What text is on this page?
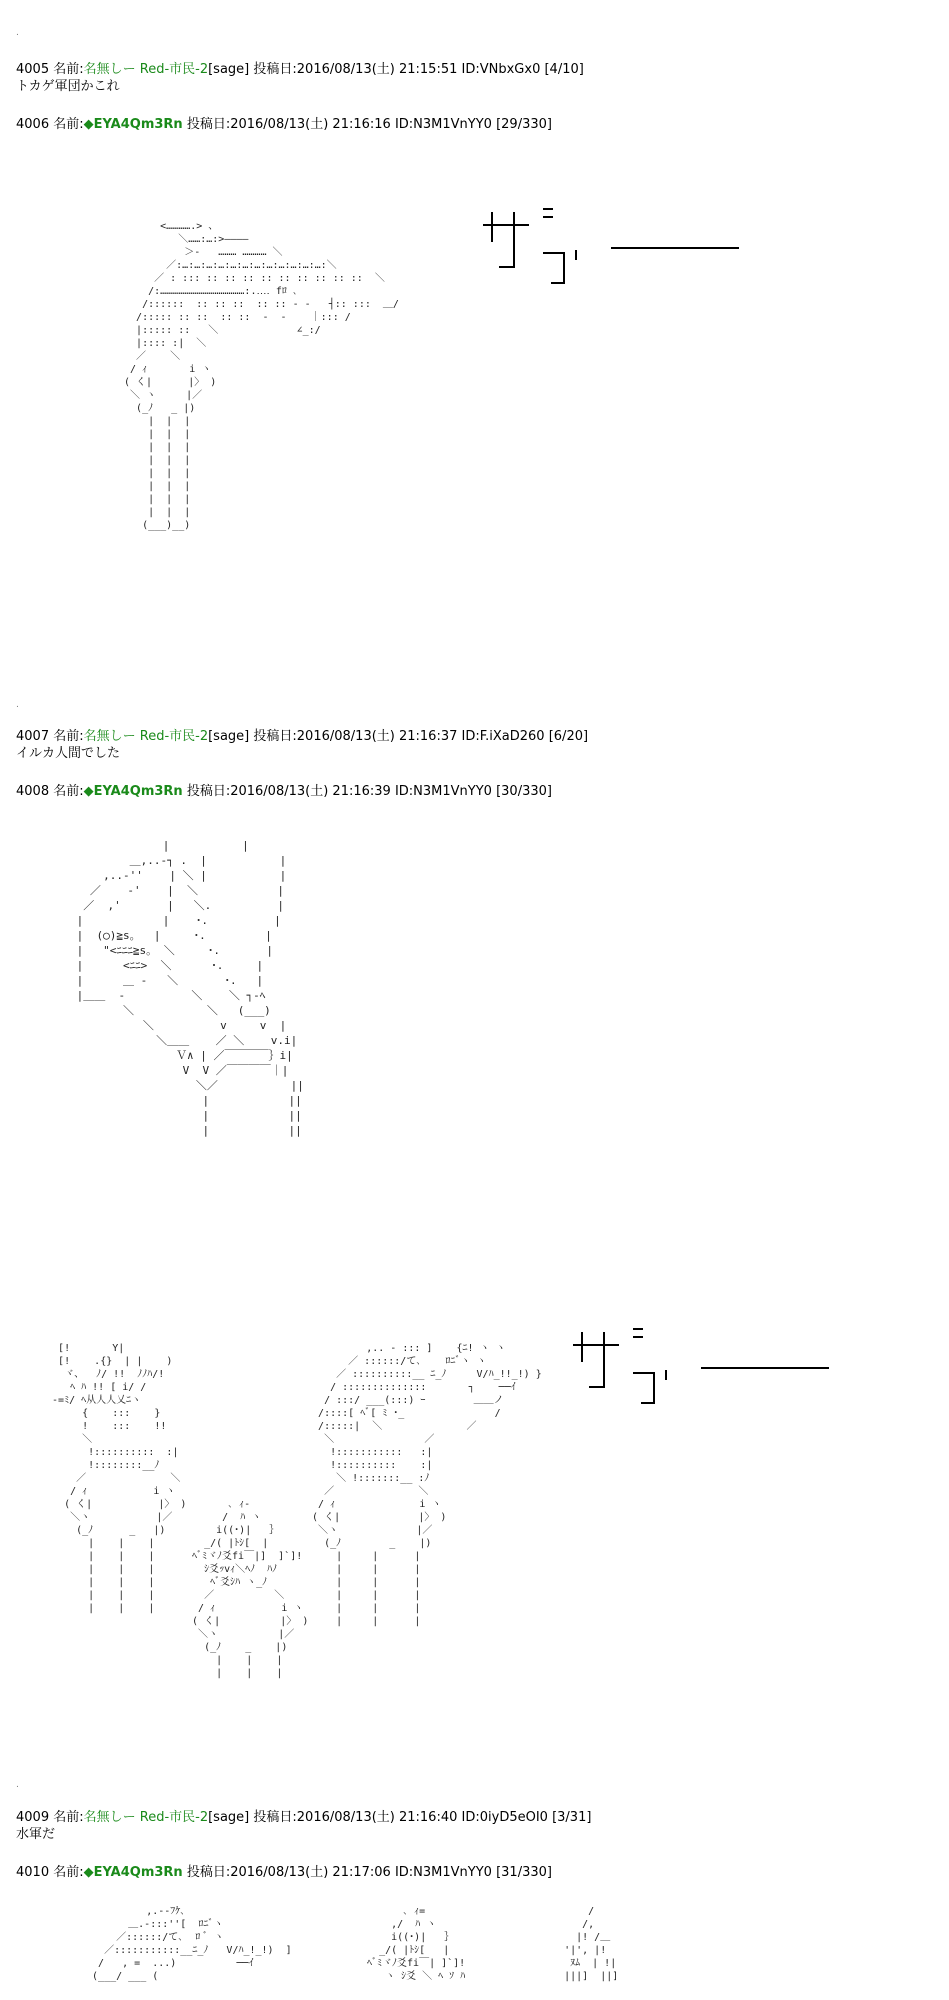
.
4005 名前:名無しー Red-市民-2[sage] 投稿日:2016/08/13(土) 21:15:51 ID:VNbxGx0 [4/10]
トカゲ軍団かこれ
4006 名前:◆EYA4Qm3Rn 投稿日:2016/08/13(土) 21:16:16 ID:N3M1VnYY0 [29/330]
<………….> 、
＼……:…:>――――
＞-   ……… ………… ＼
／:…:…:…:…:…:…:…:…:…:…:…:…:＼
／ : ::: :: :: :: :: :: :: :: :: ::  ＼
/:……………………………………:.‥‥ fﾛ ､
/::::::  :: :: ::  :: :: - -   ┤:: :::  ＿/
/::::: :: ::  :: ::  -  -    ｜::: /
|::::: ::   ＼             ∠_:/
|:::: :|  ＼
／    ＼
/ ｨ       i ヽ
( く|      |〉 )
＼ ヽ     |／
(_ﾉ   _ |)
|  |  |
|  |  |
|  |  |
|  |  |
|  |  |
|  |  |
|  |  |
|  |  |
(___)__)
.
4007 名前:名無しー Red-市民-2[sage] 投稿日:2016/08/13(土) 21:16:37 ID:F.iXaD260 [6/20]
イルカ人間でした
4008 名前:◆EYA4Qm3Rn 投稿日:2016/08/13(土) 21:16:39 ID:N3M1VnYY0 [30/330]
|           |
＿,..-┐ .  |           |
,..-''    | ＼ |           |
／    -'    |  ＼            |
／  ,'       |   ＼.          |
|            |    ･.          |
|  (◯)≧s。  |     ･.         |
|   "<ﾆﾆﾆ≧s。 ＼     ･.       |
|      <ﾆﾆ>  ＼      ･.     |
|      ＿ ‐   ＼       ･.   |
|＿＿  -          ＼    ＼ ┐-ﾍ
＼           ＼   (___)
＼          v     v  |
＼＿＿    ／ ＼    v.i|
Ｖ∧ | ／￣￣￣￣｝i|
V  V ／￣￣￣￣｜|
＼／           ||
|            ||
|            ||
|            ||
[!       Y|
[!    .{}  | |    )
ヾ、  ﾉ/ !!  ﾉﾉﾊ/!
ﾍ ﾊ !! [ i/ /
-=ﾐ/ ﾍ从人人乂ﾆヽ
{    :::    }
!    :::    !!
＼
!::::::::::  :|
!::::::::__ﾉ
／              ＼
/ ｨ           i ヽ
( く|           |〉 )
＼ヽ           |／
(_ﾉ      _   |)
|    |    |
|    |    |
|    |    |
|    |    |
|    |    |
|    |    |
,.. - ::: ]    {ﾆ! ヽ ヽ
／ ::::::/て､    ﾛﾆﾞヽ ヽ
／ ::::::::::__ ﾆ_ﾉ     V/ﾊ_!!_!) }
/ ::::::::::::::       ┐    ──ｲ
/ :::/ ___(:::) ｰ        ＿＿ノ
/::::[ ﾍﾞ[ ﾐ ･_               /
/:::::|  ＼              ／
＼               ／
!:::::::::::   :|
!::::::::::    :|
＼ !:::::::__ :ﾉ
／              ＼
/ ｨ              i ヽ
( く|             |〉 )
＼ヽ             |／
(_ﾉ        _    |)
|     |      |
|     |      |
|     |      |
|     |      |
|     |      |
|     |      |
､ ｨ-
/  ﾊ ヽ
i((･)|   ｝
_/( |ﾄｼ[  |
ﾍﾞﾐヾﾉ爻fi￣|]  ]`]!
ｼ爻ｯvｨ＼ﾍﾉ  ﾊﾉ
ﾍﾞ爻ｼﾊ ヽ_ﾉ
／          ＼
/ ｨ           i ヽ
( く|          |〉 )
＼ヽ          |／
(_ﾉ    _    |)
|    |    |
|    |    |
.
4009 名前:名無しー Red-市民-2[sage] 投稿日:2016/08/13(土) 21:16:40 ID:0iyD5eOI0 [3/31]
水軍だ
4010 名前:◆EYA4Qm3Rn 投稿日:2016/08/13(土) 21:17:06 ID:N3M1VnYY0 [31/330]
,.--ﾌｹ､
＿.-:::''[  ﾛﾆﾞヽ
／::::::/て､  ﾛ ﾞ ヽ
／:::::::::::__ﾆ_ﾉ   V/ﾊ_!_!)  ]
/   , =  ...)          ──ｲ
(___/ ___ (
､ ｨ=
,/  ﾊ ヽ
i((･)|   ｝
_/( |ﾄｼ[   |
ﾍﾞﾐヾﾉ爻fi￣| ]`]!
ヽ ｼ爻 ＼ ﾍ ｿ ﾊ
/
/,
|! /＿
'|', |!
ﾇﾑ  | !|
|||]  ||]
